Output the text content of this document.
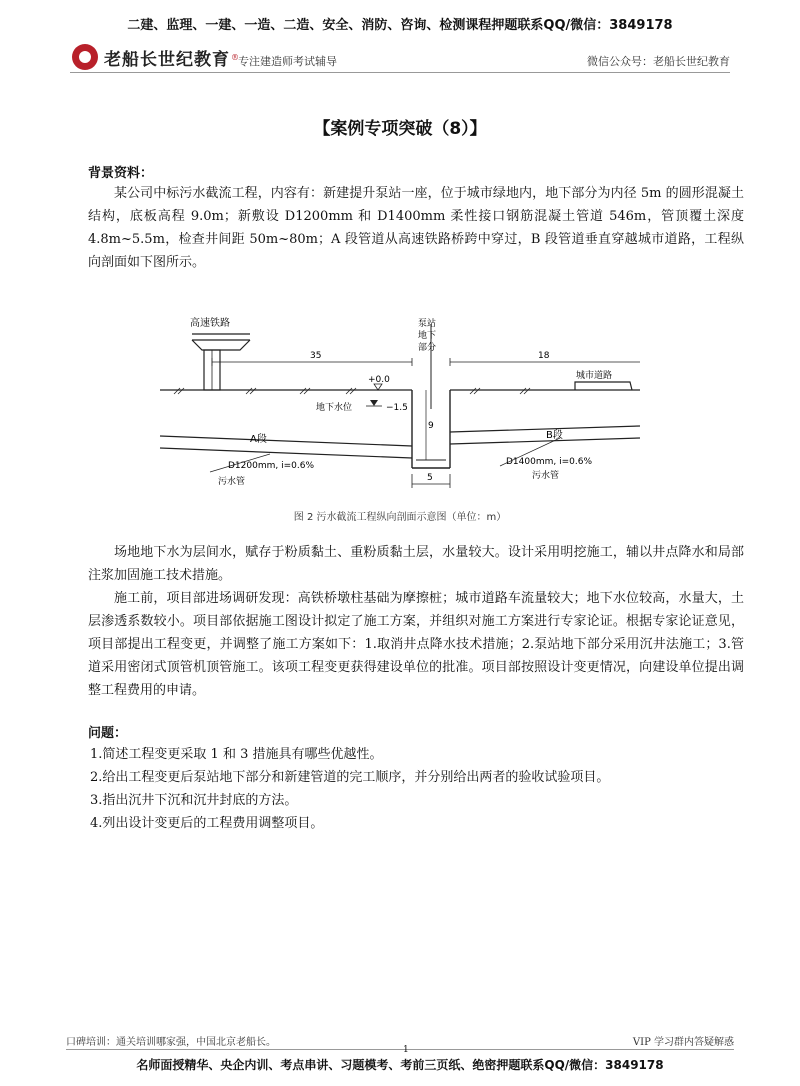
二建、监理、一建、一造、二造、安全、消防、咨询、检测课程押题联系QQ/微信：3849178
老船长世纪教育 ® 专注建造师考试辅导	微信公众号：老船长世纪教育
【案例专项突破（8）】
背景资料：
某公司中标污水截流工程，内容有：新建提升泵站一座，位于城市绿地内，地下部分为内径 5m 的圆形混凝土结构，底板高程 9.0m；新敷设 D1200mm 和 D1400mm 柔性接口钢筋混凝土管道 546m，管顶覆土深度 4.8m~5.5m，检查井间距 50m~80m；A 段管道从高速铁路桥跨中穿过，B 段管道垂直穿越城市道路，工程纵向剖面如下图所示。
高速铁路	泵站
地下
部分
35	18
城市道路
+0.0
地下水位	−1.5
9
5
A段	B段
D1200mm, i=0.6%	D1400mm, i=0.6%
污水管
污水管
图 2 污水截流工程纵向剖面示意图（单位：m）
场地地下水为层间水，赋存于粉质黏土、重粉质黏土层，水量较大。设计采用明挖施工，辅以井点降水和局部注浆加固施工技术措施。
施工前，项目部进场调研发现：高铁桥墩柱基础为摩擦桩；城市道路车流量较大；地下水位较高，水量大，土层渗透系数较小。项目部依据施工图设计拟定了施工方案，并组织对施工方案进行专家论证。根据专家论证意见，项目部提出工程变更，并调整了施工方案如下：1.取消井点降水技术措施；2.泵站地下部分采用沉井法施工；3.管道采用密闭式顶管机顶管施工。该项工程变更获得建设单位的批准。项目部按照设计变更情况，向建设单位提出调整工程费用的申请。
问题：
1.简述工程变更采取 1 和 3 措施具有哪些优越性。
2.给出工程变更后泵站地下部分和新建管道的完工顺序，并分别给出两者的验收试验项目。
3.指出沉井下沉和沉井封底的方法。
4.列出设计变更后的工程费用调整项目。
口碑培训：通关培训哪家强，中国北京老船长。	VIP 学习群内答疑解惑
1
名师面授精华、央企内训、考点串讲、习题模考、考前三页纸、绝密押题联系QQ/微信：3849178
